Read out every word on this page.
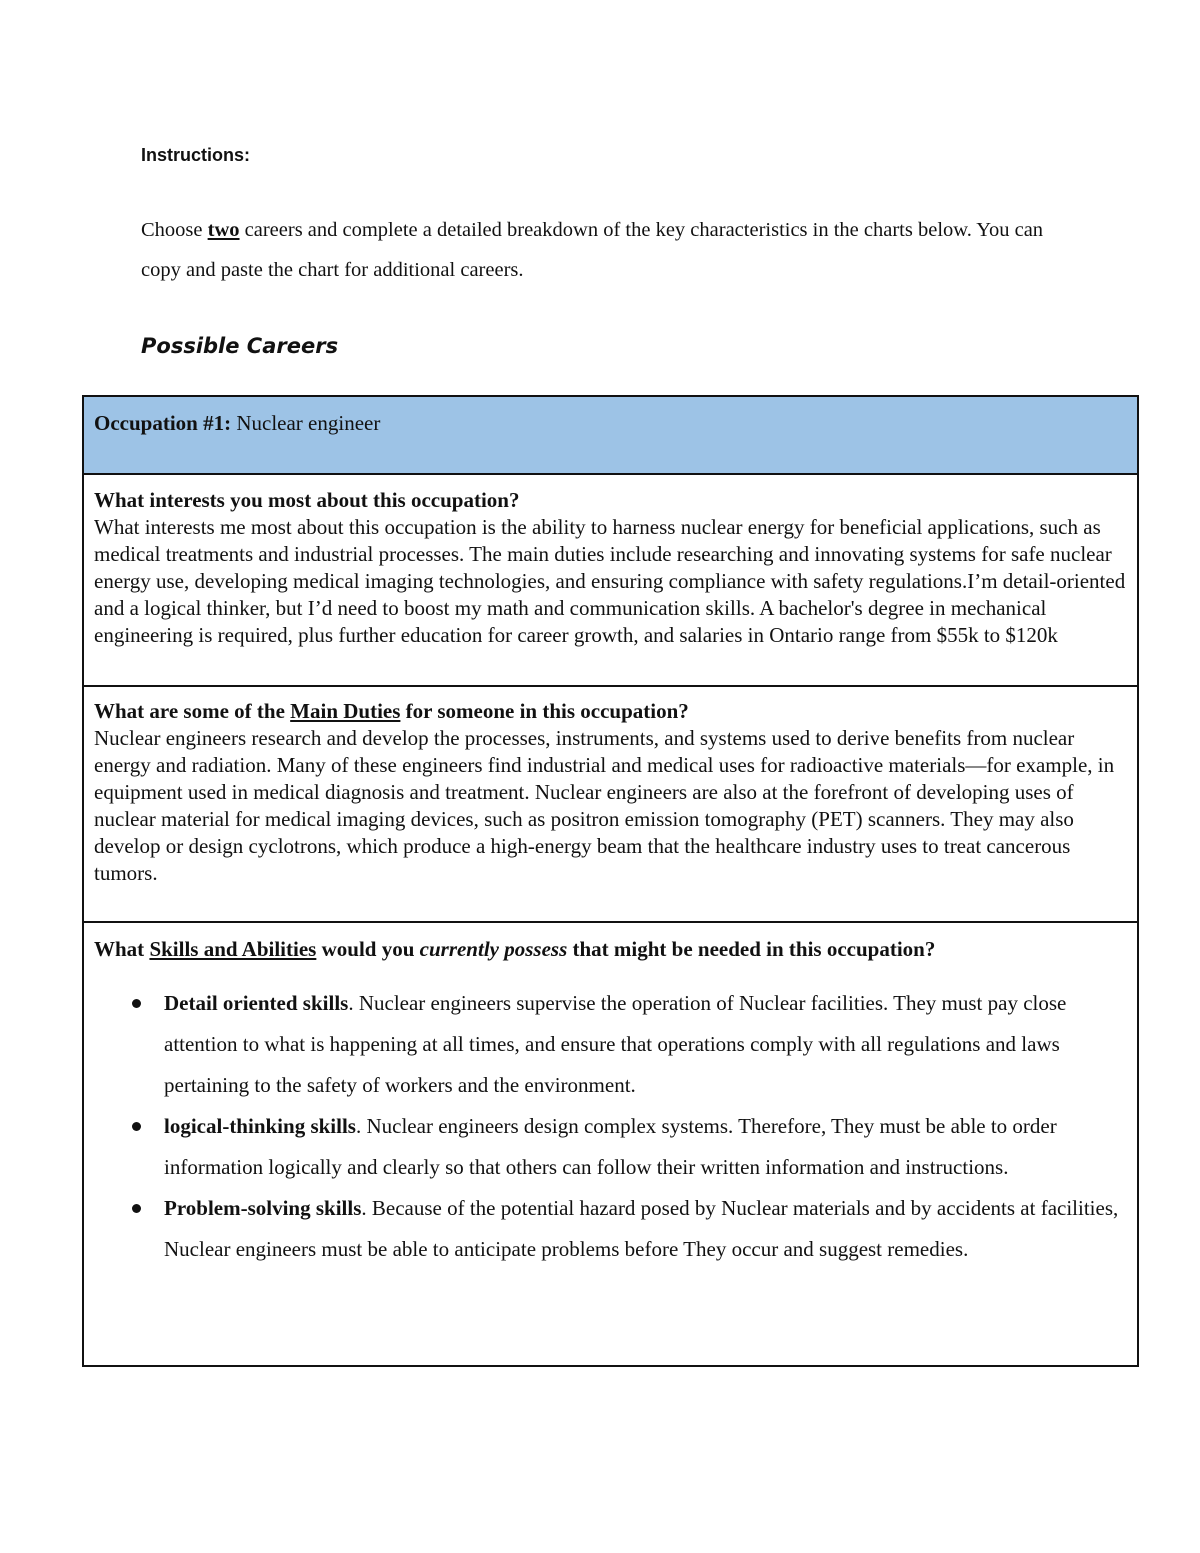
Instructions:

Choose two careers and complete a detailed breakdown of the key characteristics in the charts below. You can copy and paste the chart for additional careers.

Possible Careers

Occupation #1: Nuclear engineer
What interests you most about this occupation?
What interests me most about this occupation is the ability to harness nuclear energy for beneficial applications, such as medical treatments and industrial processes. The main duties include researching and innovating systems for safe nuclear energy use, developing medical imaging technologies, and ensuring compliance with safety regulations.I’m detail-oriented and a logical thinker, but I’d need to boost my math and communication skills. A bachelor's degree in mechanical engineering is required, plus further education for career growth, and salaries in Ontario range from $55k to $120k
What are some of the Main Duties for someone in this occupation?
Nuclear engineers research and develop the processes, instruments, and systems used to derive benefits from nuclear energy and radiation. Many of these engineers find industrial and medical uses for radioactive materials—for example, in equipment used in medical diagnosis and treatment. Nuclear engineers are also at the forefront of developing uses of nuclear material for medical imaging devices, such as positron emission tomography (PET) scanners. They may also develop or design cyclotrons, which produce a high-energy beam that the healthcare industry uses to treat cancerous tumors.
What Skills and Abilities would you currently possess that might be needed in this occupation?
Detail oriented skills. Nuclear engineers supervise the operation of Nuclear facilities. They must pay close attention to what is happening at all times, and ensure that operations comply with all regulations and laws pertaining to the safety of workers and the environment.
logical-thinking skills. Nuclear engineers design complex systems. Therefore, They must be able to order information logically and clearly so that others can follow their written information and instructions.
Problem-solving skills. Because of the potential hazard posed by Nuclear materials and by accidents at facilities, Nuclear engineers must be able to anticipate problems before They occur and suggest remedies.
